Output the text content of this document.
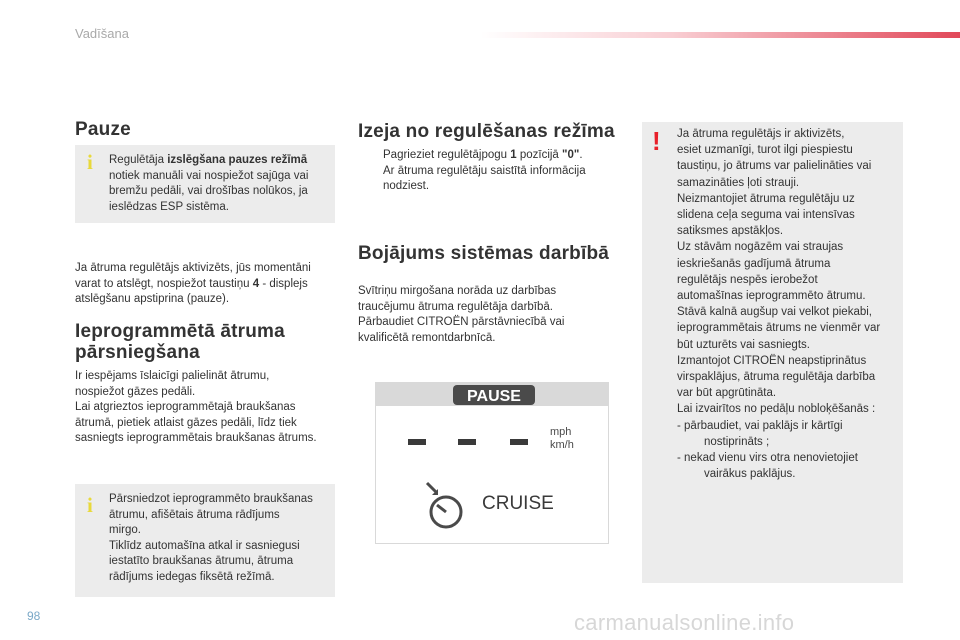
Vadīšana
Pauze
i Regulētāja izslēgšana pauzes režīmā notiek manuāli vai nospiežot sajūga vai bremžu pedāli, vai drošības nolūkos, ja ieslēdzas ESP sistēma.
Ja ātruma regulētājs aktivizēts, jūs momentāni varat to atslēgt, nospiežot taustiņu 4 - displejs atslēgšanu apstiprina (pauze).
Ieprogrammētā ātruma
pārsniegšana
Ir iespējams īslaicīgi palielināt ātrumu,
nospiežot gāzes pedāli.
Lai atgrieztos ieprogrammētajā braukšanas
ātrumā, pietiek atlaist gāzes pedāli, līdz tiek
sasniegts ieprogrammētais braukšanas ātrums.
i Pārsniedzot ieprogrammēto braukšanas
ātrumu, afišētais ātruma rādījums
mirgo.
Tiklīdz automašīna atkal ir sasniegusi
iestatīto braukšanas ātrumu, ātruma
rādījums iedegas fiksētā režīmā.
Izeja no regulēšanas režīma
Pagrieziet regulētājpogu 1 pozīcijā "0".
Ar ātruma regulētāju saistītā informācija
nodziest.
Bojājums sistēmas darbībā
Svītriņu mirgošana norāda uz darbības
traucējumu ātruma regulētāja darbībā.
Pārbaudiet CITROËN pārstāvniecībā vai
kvalificētā remontdarbnīcā.
PAUSE
mph
km/h
CRUISE
! Ja ātruma regulētājs ir aktivizēts,
esiet uzmanīgi, turot ilgi piespiestu
taustiņu, jo ātrums var palielināties vai
samazināties ļoti strauji.
Neizmantojiet ātruma regulētāju uz
slidena ceļa seguma vai intensīvas
satiksmes apstākļos.
Uz stāvām nogāzēm vai straujas
ieskriešanās gadījumā ātruma
regulētājs nespēs ierobežot
automašīnas ieprogrammēto ātrumu.
Stāvā kalnā augšup vai velkot piekabi,
ieprogrammētais ātrums ne vienmēr var
būt uzturēts vai sasniegts.
Izmantojot CITROËN neapstiprinātus
virspaklājus, ātruma regulētāja darbība
var būt apgrūtināta.
Lai izvairītos no pedāļu nobloķēšanās :
- pārbaudiet, vai paklājs ir kārtīgi
nostiprināts ;
- nekad vienu virs otra nenovietojiet
vairākus paklājus.
98	carmanualsonline.info
